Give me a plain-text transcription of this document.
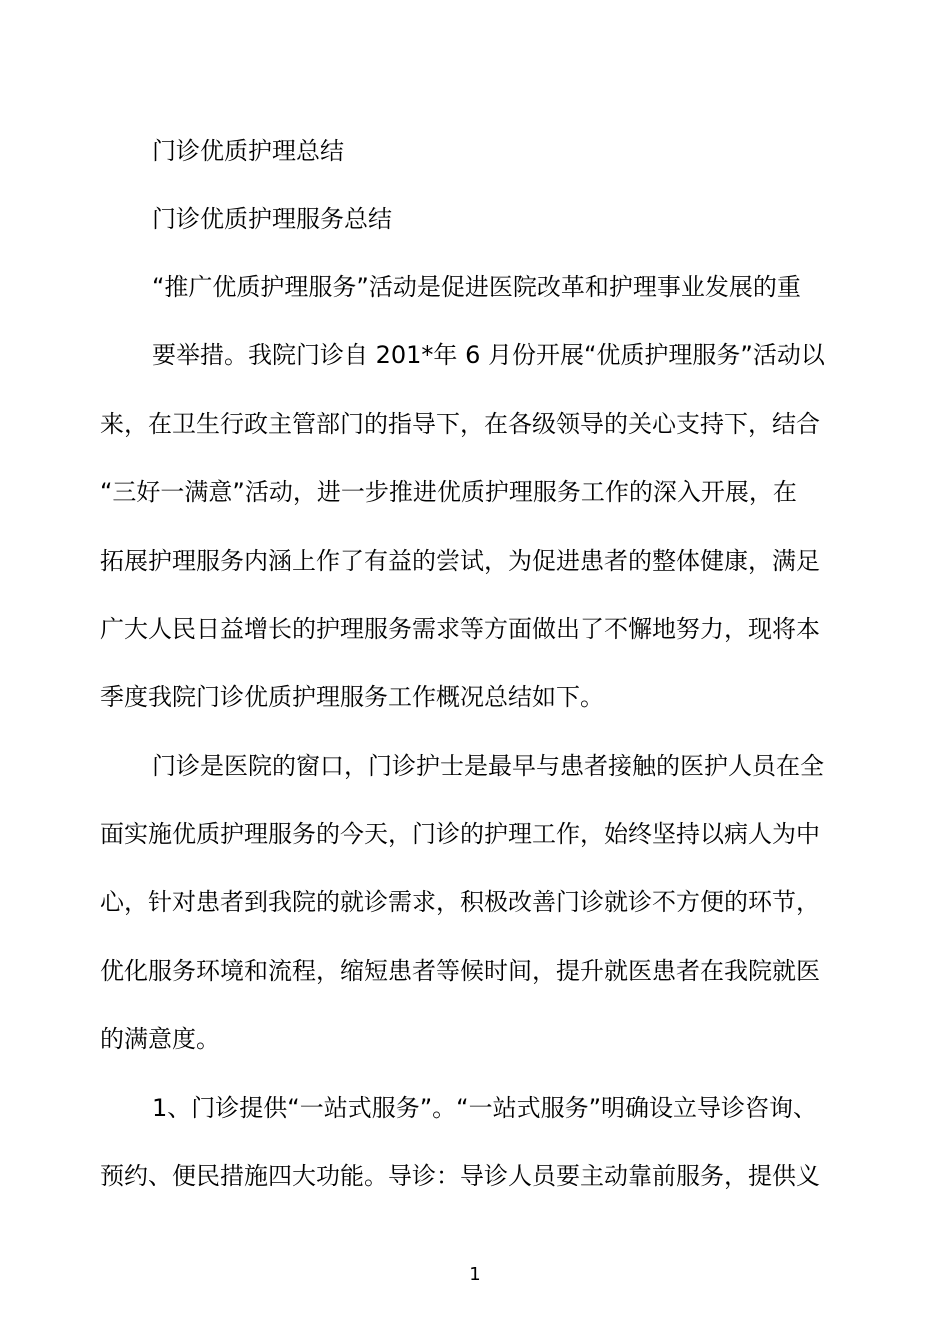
门诊优质护理总结
门诊优质护理服务总结
“推广优质护理服务”活动是促进医院改革和护理事业发展的重
要举措。我院门诊自 201*年 6 月份开展“优质护理服务”活动以
来，在卫生行政主管部门的指导下，在各级领导的关心支持下，结合
“三好一满意”活动，进一步推进优质护理服务工作的深入开展，在
拓展护理服务内涵上作了有益的尝试，为促进患者的整体健康，满足
广大人民日益增长的护理服务需求等方面做出了不懈地努力，现将本
季度我院门诊优质护理服务工作概况总结如下。
门诊是医院的窗口，门诊护士是最早与患者接触的医护人员在全
面实施优质护理服务的今天，门诊的护理工作，始终坚持以病人为中
心，针对患者到我院的就诊需求，积极改善门诊就诊不方便的环节，
优化服务环境和流程，缩短患者等候时间，提升就医患者在我院就医
的满意度。
1、门诊提供“一站式服务”。“一站式服务”明确设立导诊咨询、
预约、便民措施四大功能。导诊：导诊人员要主动靠前服务，提供义
1
